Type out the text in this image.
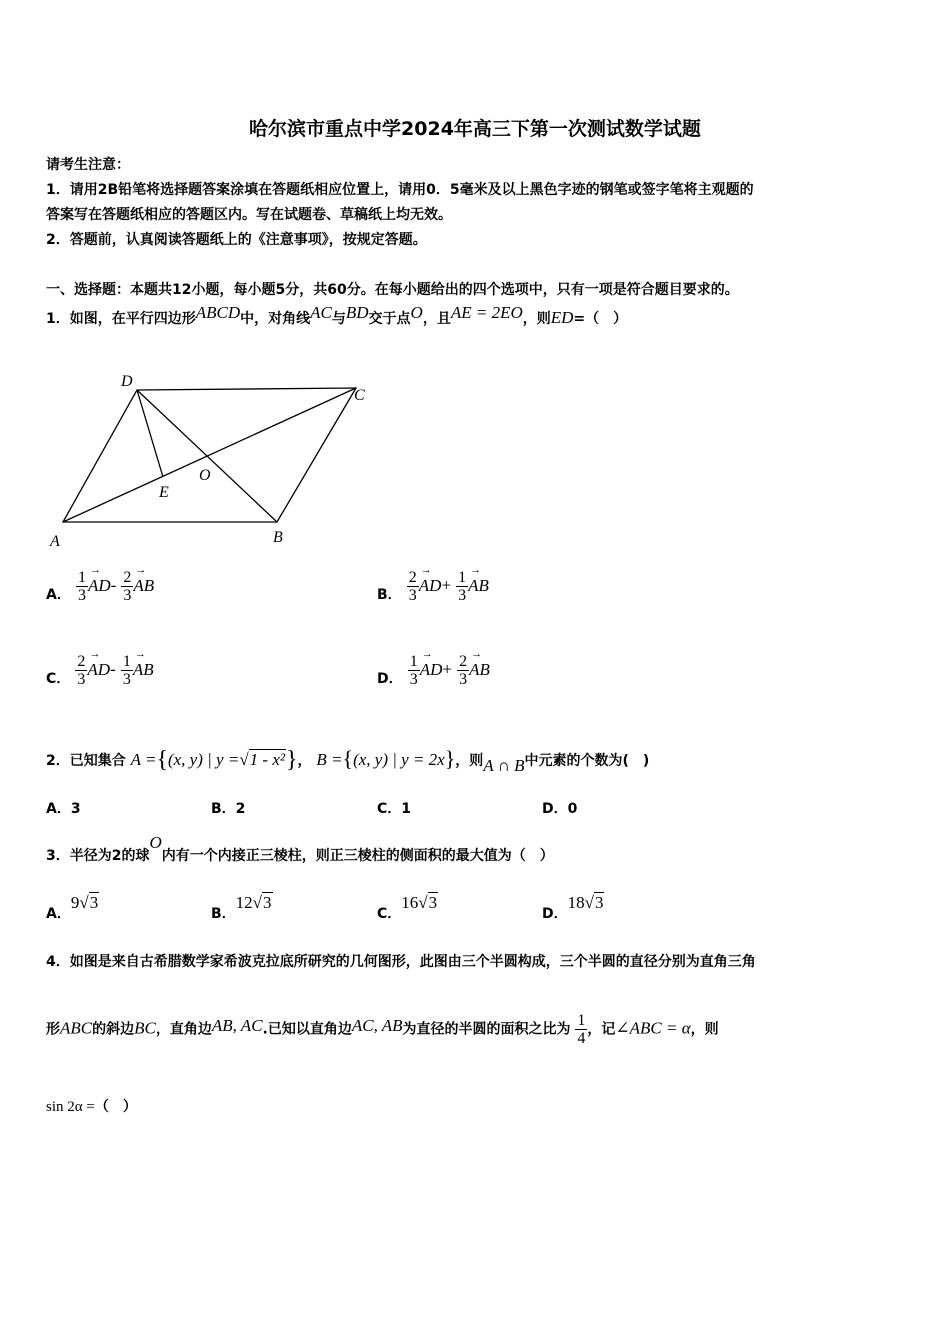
哈尔滨市重点中学2024年高三下第一次测试数学试题
请考生注意：
1．请用2B铅笔将选择题答案涂填在答题纸相应位置上，请用0．5毫米及以上黑色字迹的钢笔或签字笔将主观题的
答案写在答题纸相应的答题区内。写在试题卷、草稿纸上均无效。
2．答题前，认真阅读答题纸上的《注意事项》，按规定答题。
一、选择题：本题共12小题，每小题5分，共60分。在每小题给出的四个选项中，只有一项是符合题目要求的。
1．如图，在平行四边形ABCD中，对角线AC与BD交于点O，且AE = 2EO，则ED=（　）
A	B
C
D
E
O
A． $\frac{1}{3}$
→ $AD- \frac{2}{3}$
→ AB
B． $\frac{2}{3}$
→ $AD+ \frac{1}{3}$
→ AB
C． $\frac{2}{3}$
→ $AD- \frac{1}{3}$
→ AB
D． $\frac{1}{3}$
→ $AD+ \frac{2}{3}$
→ AB
2．已知集合 A ={(x, y) | y =√1 - x²}， B ={(x, y) | y = 2x}，则A ∩ B中元素的个数为(　)
A．3	B．2	C．1	D．0
3．半径为2的球O内有一个内接正三棱柱，则正三棱柱的侧面积的最大值为（　）
A．9√3
B．12√3
C．16√3
D．18√3
4．如图是来自古希腊数学家希波克拉底所研究的几何图形，此图由三个半圆构成，三个半圆的直径分别为直角三角
形ABC的斜边BC，直角边AB, AC.已知以直角边AC, AB为直径的半圆的面积之比为 $\frac{1}{4}$ ，记∠ABC = α，则
sin 2α =（　）
